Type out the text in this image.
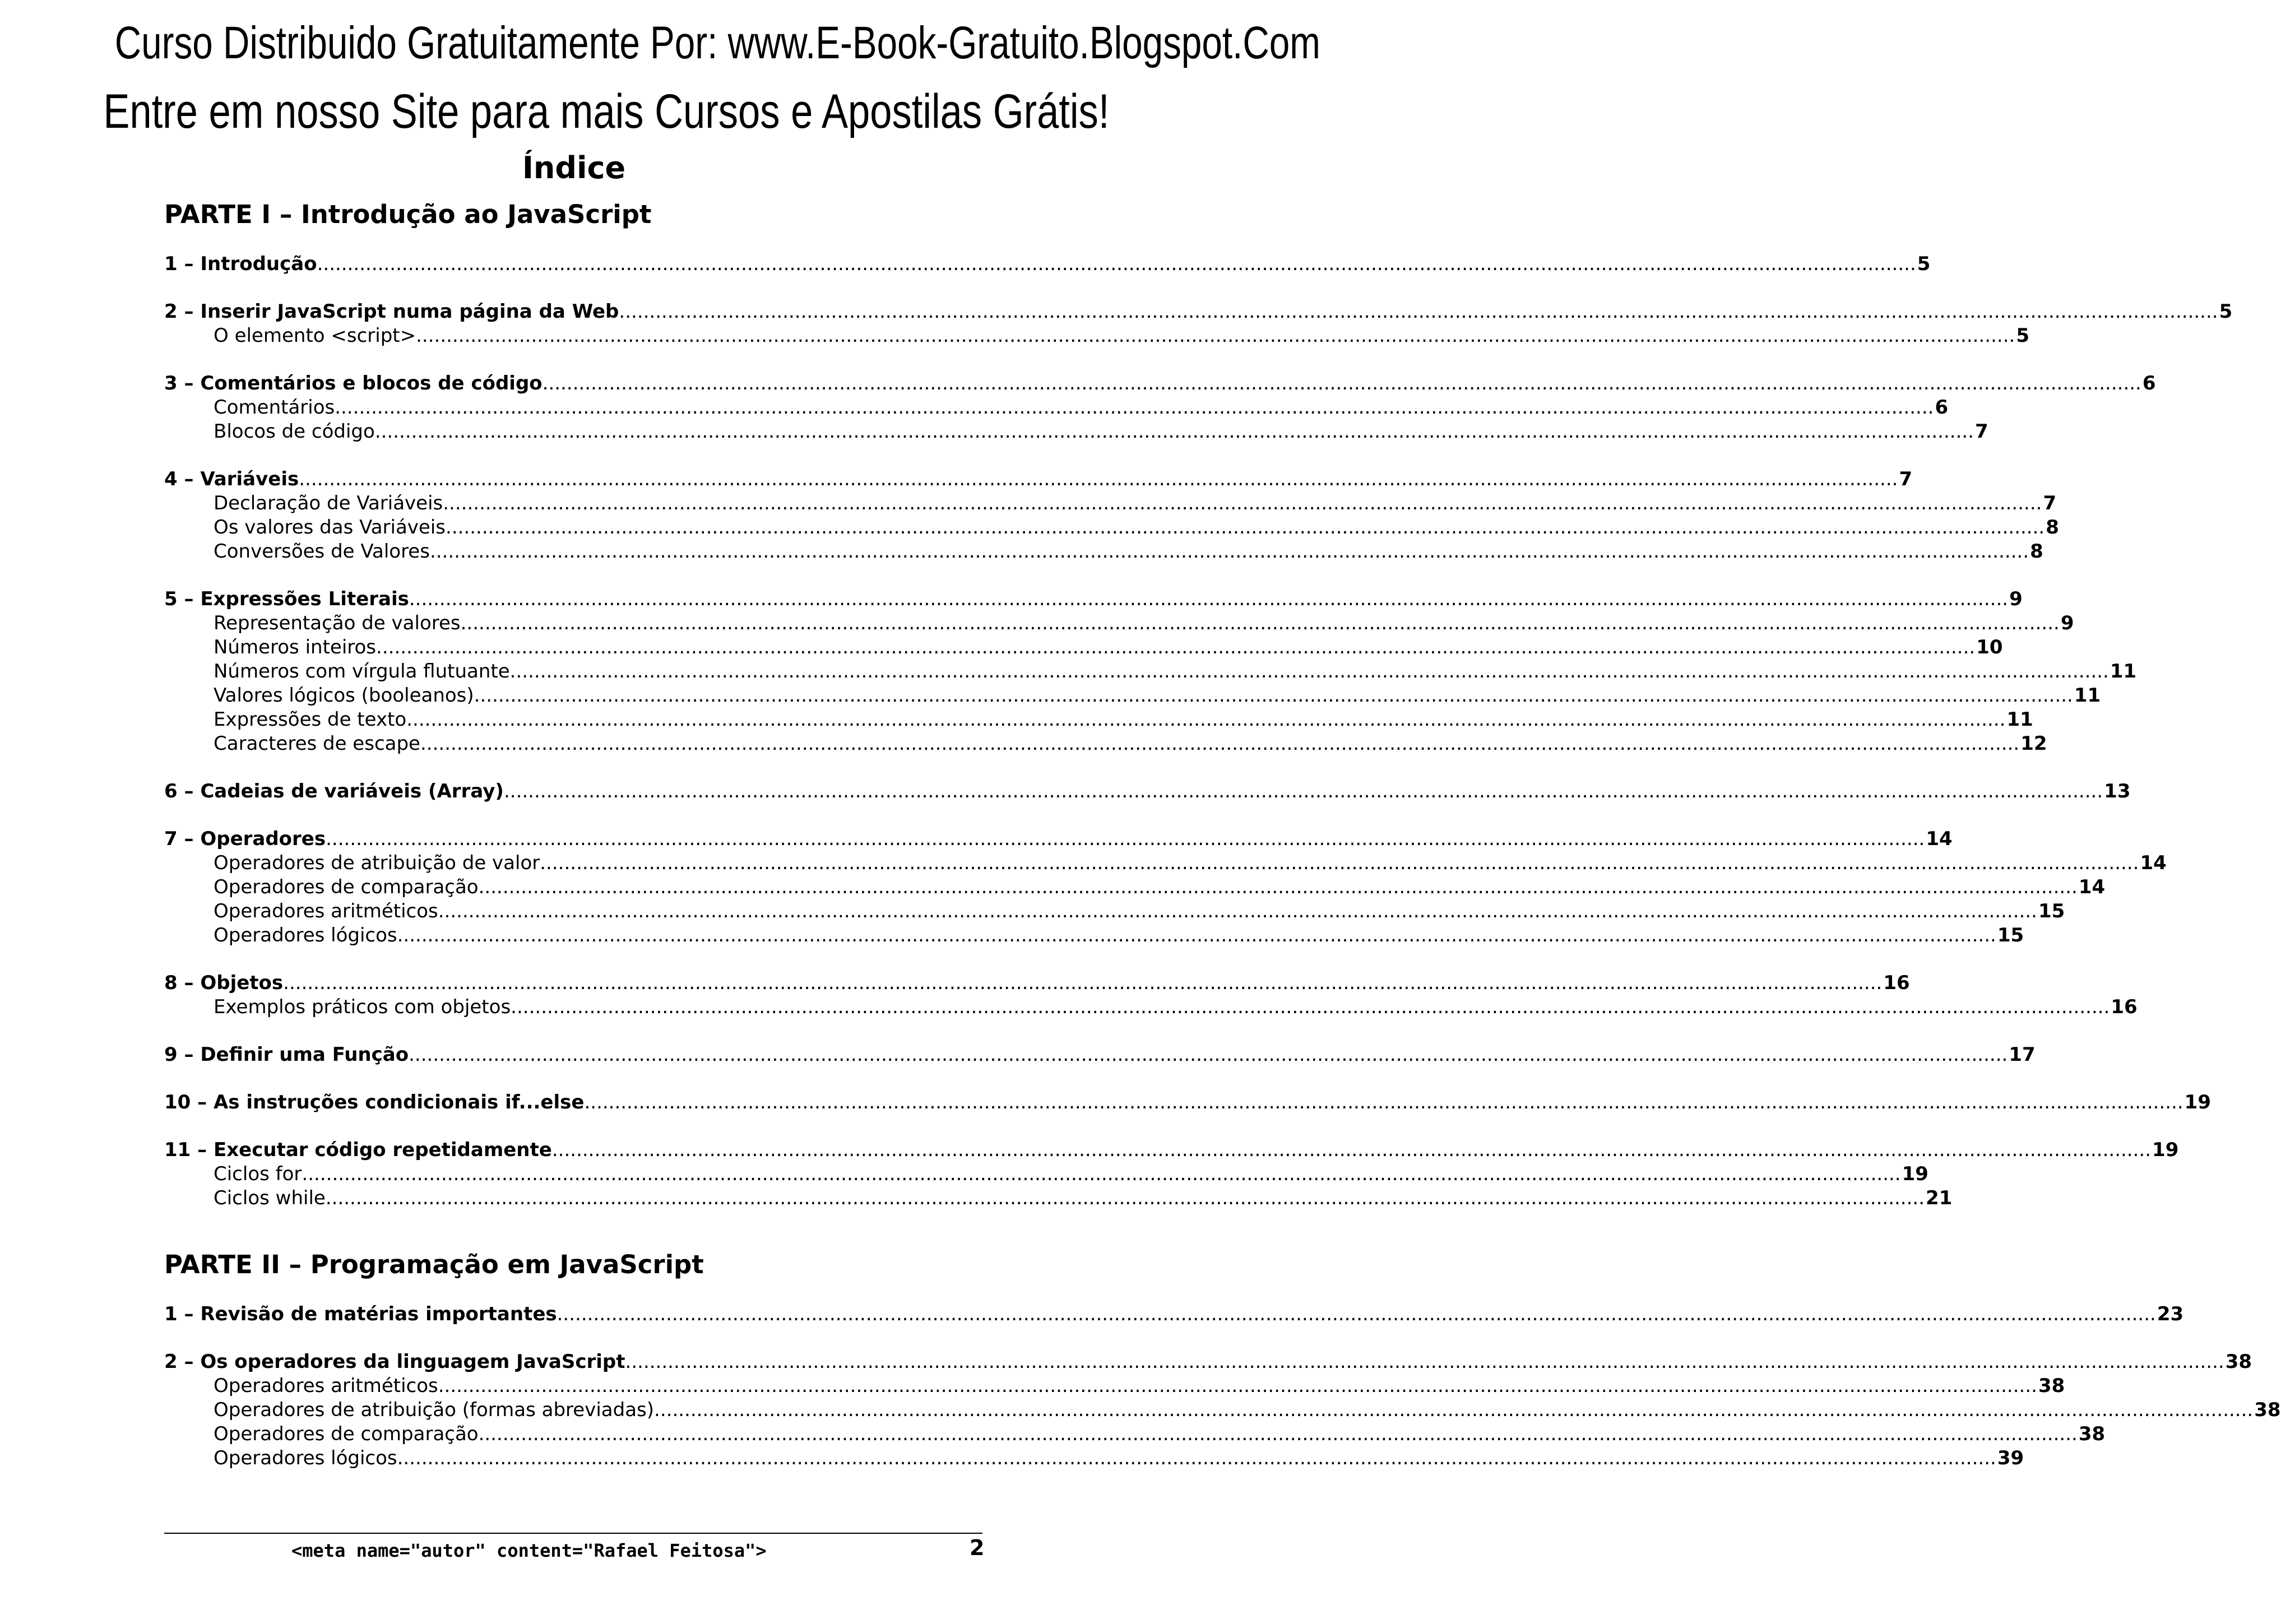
Curso Distribuido Gratuitamente Por: www.E-Book-Gratuito.Blogspot.Com
Entre em nosso Site para mais Cursos e Apostilas Grátis!
Índice
PARTE I – Introdução ao JavaScript
1 – Introdução .....	5
2 – Inserir JavaScript numa página da Web .....	5
O elemento <script> .....	5
3 – Comentários e blocos de código .....	6
Comentários .....	6
Blocos de código .....	7
4 – Variáveis .....	7
Declaração de Variáveis .....	7
Os valores das Variáveis .....	8
Conversões de Valores .....	8
5 – Expressões Literais .....	9
Representação de valores .....	9
Números inteiros .....	10
Números com vírgula flutuante .....	11
Valores lógicos (booleanos) .....	11
Expressões de texto .....	11
Caracteres de escape .....	12
6 – Cadeias de variáveis (Array) .....	13
7 – Operadores .....	14
Operadores de atribuição de valor .....	14
Operadores de comparação .....	14
Operadores aritméticos .....	15
Operadores lógicos .....	15
8 – Objetos .....	16
Exemplos práticos com objetos .....	16
9 – Definir uma Função .....	17
10 – As instruções condicionais if...else .....	19
11 – Executar código repetidamente .....	19
Ciclos for .....	19
Ciclos while .....	21
PARTE II – Programação em JavaScript
1 – Revisão de matérias importantes .....	23
2 – Os operadores da linguagem JavaScript .....	38
Operadores aritméticos .....	38
Operadores de atribuição (formas abreviadas) .....	38
Operadores de comparação .....	38
Operadores lógicos .....	39
<meta name="autor" content="Rafael Feitosa">	2
